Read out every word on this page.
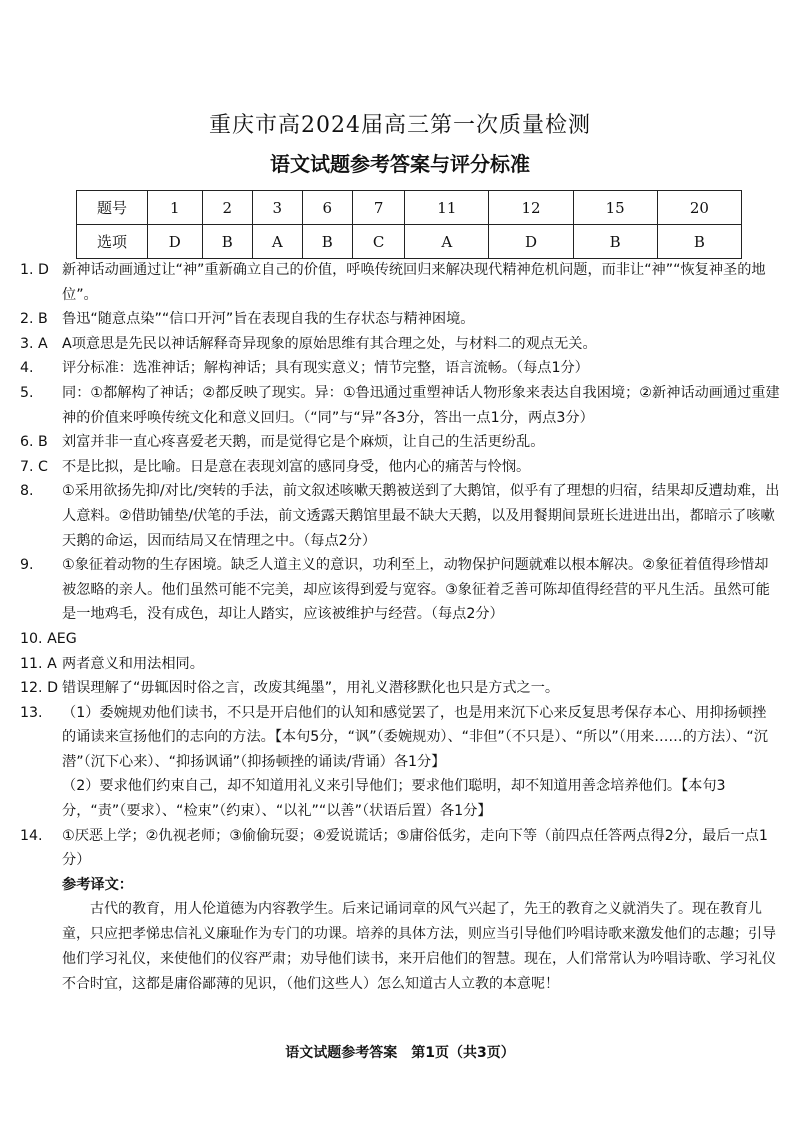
重庆市高2024届高三第一次质量检测
语文试题参考答案与评分标准
题号	1	2	3	6	7	11	12	15	20
选项	D	B	A	B	C	A	D	B	B

1. D 新神话动画通过让“神”重新确立自己的价值，呼唤传统回归来解决现代精神危机问题，而非让“神”“恢复神圣的地位”。

2. B 鲁迅“随意点染”“信口开河”旨在表现自我的生存状态与精神困境。

3. A A项意思是先民以神话解释奇异现象的原始思维有其合理之处，与材料二的观点无关。

4. 评分标准：选准神话；解构神话；具有现实意义；情节完整，语言流畅。（每点1分）

5. 同：①都解构了神话；②都反映了现实。异：①鲁迅通过重塑神话人物形象来表达自我困境；②新神话动画通过重建神的价值来呼唤传统文化和意义回归。（“同”与“异”各3分，答出一点1分，两点3分）

6. B 刘富并非一直心疼喜爱老天鹅，而是觉得它是个麻烦，让自己的生活更纷乱。

7. C 不是比拟，是比喻。日是意在表现刘富的感同身受，他内心的痛苦与怜悯。

8. ①采用欲扬先抑/对比/突转的手法，前文叙述咳嗽天鹅被送到了大鹅馆，似乎有了理想的归宿，结果却反遭劫难，出人意料。②借助铺垫/伏笔的手法，前文透露天鹅馆里最不缺大天鹅，以及用餐期间景班长进进出出，都暗示了咳嗽天鹅的命运，因而结局又在情理之中。（每点2分）

9. ①象征着动物的生存困境。缺乏人道主义的意识，功利至上，动物保护问题就难以根本解决。②象征着值得珍惜却被忽略的亲人。他们虽然可能不完美，却应该得到爱与宽容。③象征着乏善可陈却值得经营的平凡生活。虽然可能是一地鸡毛，没有成色，却让人踏实，应该被维护与经营。（每点2分）

10. AEG

11. A 两者意义和用法相同。

12. D 错误理解了“毋辄因时俗之言，改废其绳墨”，用礼义潜移默化也只是方式之一。

13. （1）委婉规劝他们读书，不只是开启他们的认知和感觉罢了，也是用来沉下心来反复思考保存本心、用抑扬顿挫的诵读来宣扬他们的志向的方法。【本句5分，“讽”（委婉规劝）、“非但”（不只是）、“所以”（用来……的方法）、“沉潜”（沉下心来）、“抑扬讽诵”（抑扬顿挫的诵读/背诵）各1分】

（2）要求他们约束自己，却不知道用礼义来引导他们；要求他们聪明，却不知道用善念培养他们。【本句3分，“责”（要求）、“检束”（约束）、“以礼”“以善”（状语后置）各1分】

14. ①厌恶上学；②仇视老师；③偷偷玩耍；④爱说谎话；⑤庸俗低劣，走向下等（前四点任答两点得2分，最后一点1分）

参考译文：

古代的教育，用人伦道德为内容教学生。后来记诵词章的风气兴起了，先王的教育之义就消失了。现在教育儿童，只应把孝悌忠信礼义廉耻作为专门的功课。培养的具体方法，则应当引导他们吟唱诗歌来激发他们的志趣；引导他们学习礼仪，来使他们的仪容严肃；劝导他们读书，来开启他们的智慧。现在，人们常常认为吟唱诗歌、学习礼仪不合时宜，这都是庸俗鄙薄的见识，（他们这些人）怎么知道古人立教的本意呢！

语文试题参考答案　第1页（共3页）
